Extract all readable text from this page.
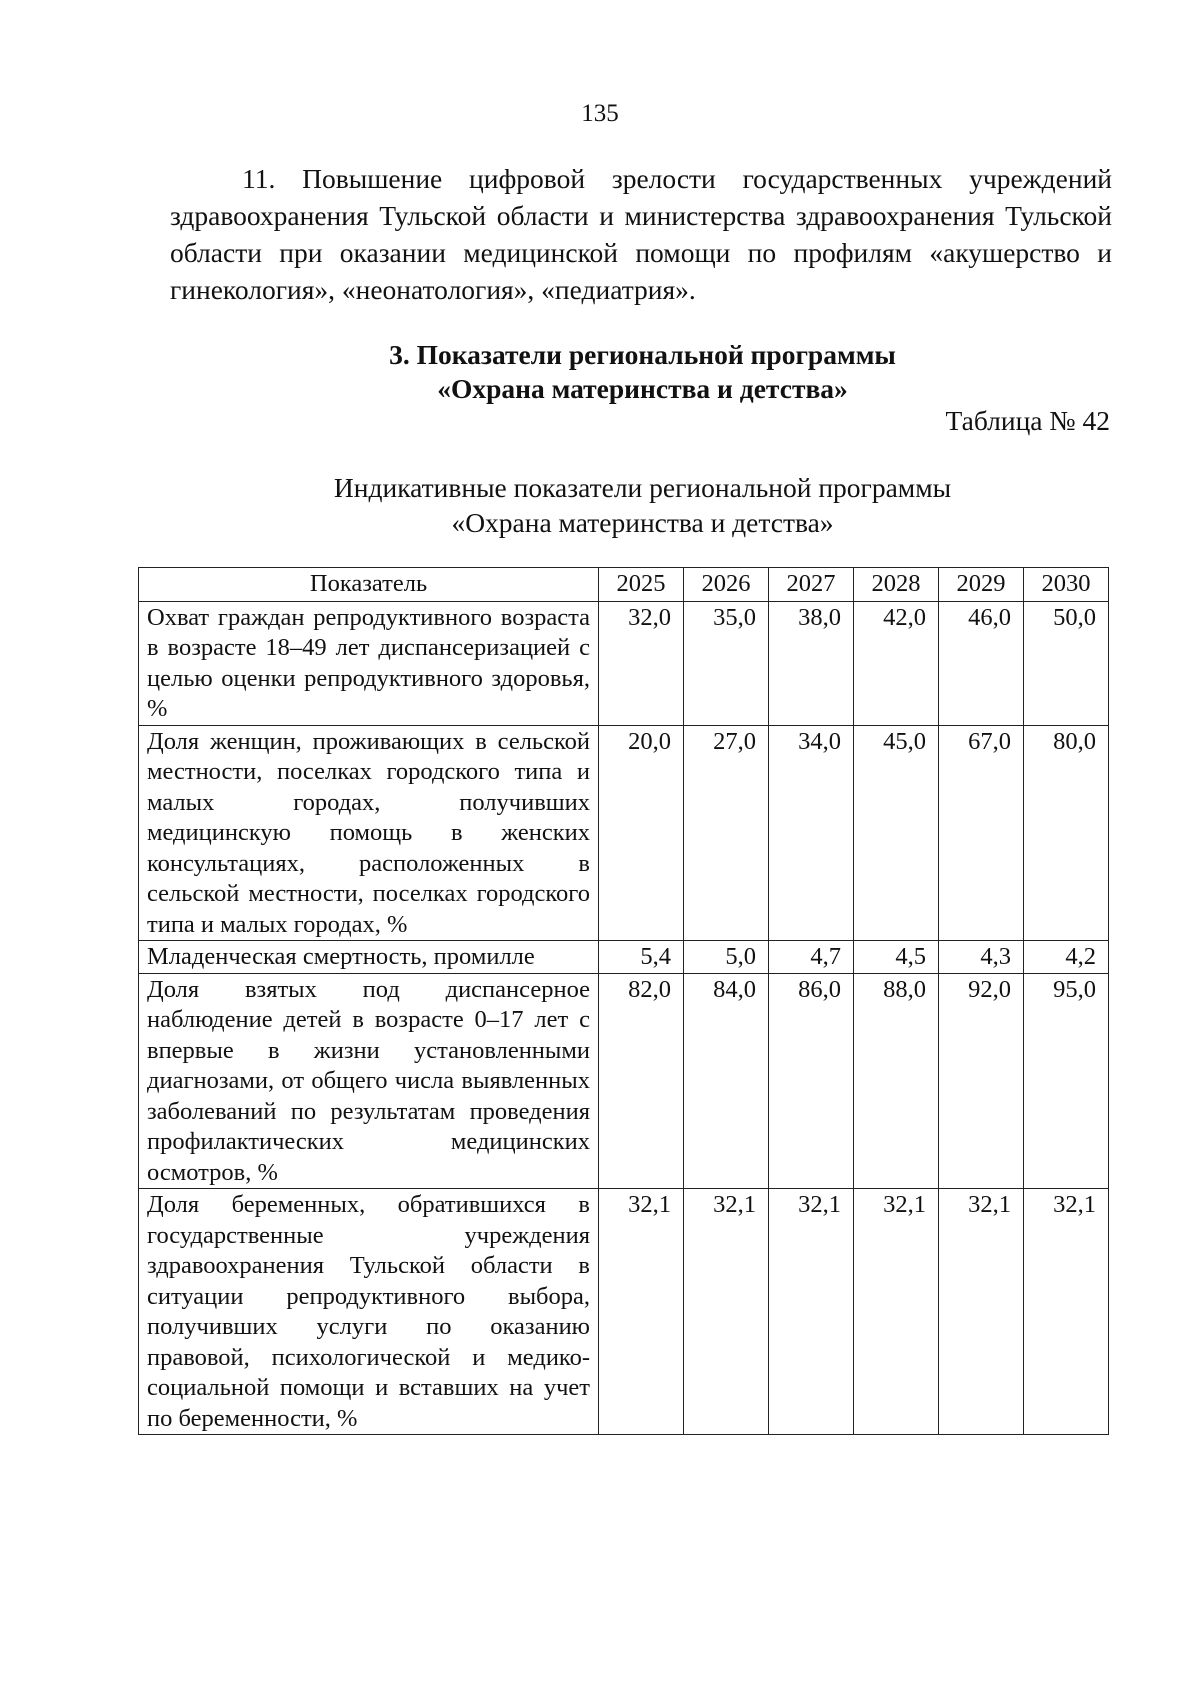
135

11. Повышение цифровой зрелости государственных учреждений здравоохранения Тульской области и министерства здравоохранения Тульской области при оказании медицинской помощи по профилям «акушерство и гинекология», «неонатология», «педиатрия».

3. Показатели региональной программы
«Охрана материнства и детства»
Таблица № 42
Индикативные показатели региональной программы
«Охрана материнства и детства»
Показатель	2025	2026	2027	2028	2029	2030
Охват граждан репродуктивного возраста в возрасте 18–49 лет диспансеризацией с целью оценки репродуктивного здоровья, %	32,0	35,0	38,0	42,0	46,0	50,0
Доля женщин, проживающих в сельской местности, поселках городского типа и малых городах, получивших медицинскую помощь в женских консультациях, расположенных в сельской местности, поселках городского типа и малых городах, %	20,0	27,0	34,0	45,0	67,0	80,0
Младенческая смертность, промилле	5,4	5,0	4,7	4,5	4,3	4,2
Доля взятых под диспансерное наблюдение детей в возрасте 0–17 лет с впервые в жизни установленными диагнозами, от общего числа выявленных заболеваний по результатам проведения профилактических медицинских осмотров, %	82,0	84,0	86,0	88,0	92,0	95,0
Доля беременных, обратившихся в государственные учреждения здравоохранения Тульской области в ситуации репродуктивного выбора, получивших услуги по оказанию правовой, психологической и медико-социальной помощи и вставших на учет по беременности, %	32,1	32,1	32,1	32,1	32,1	32,1
